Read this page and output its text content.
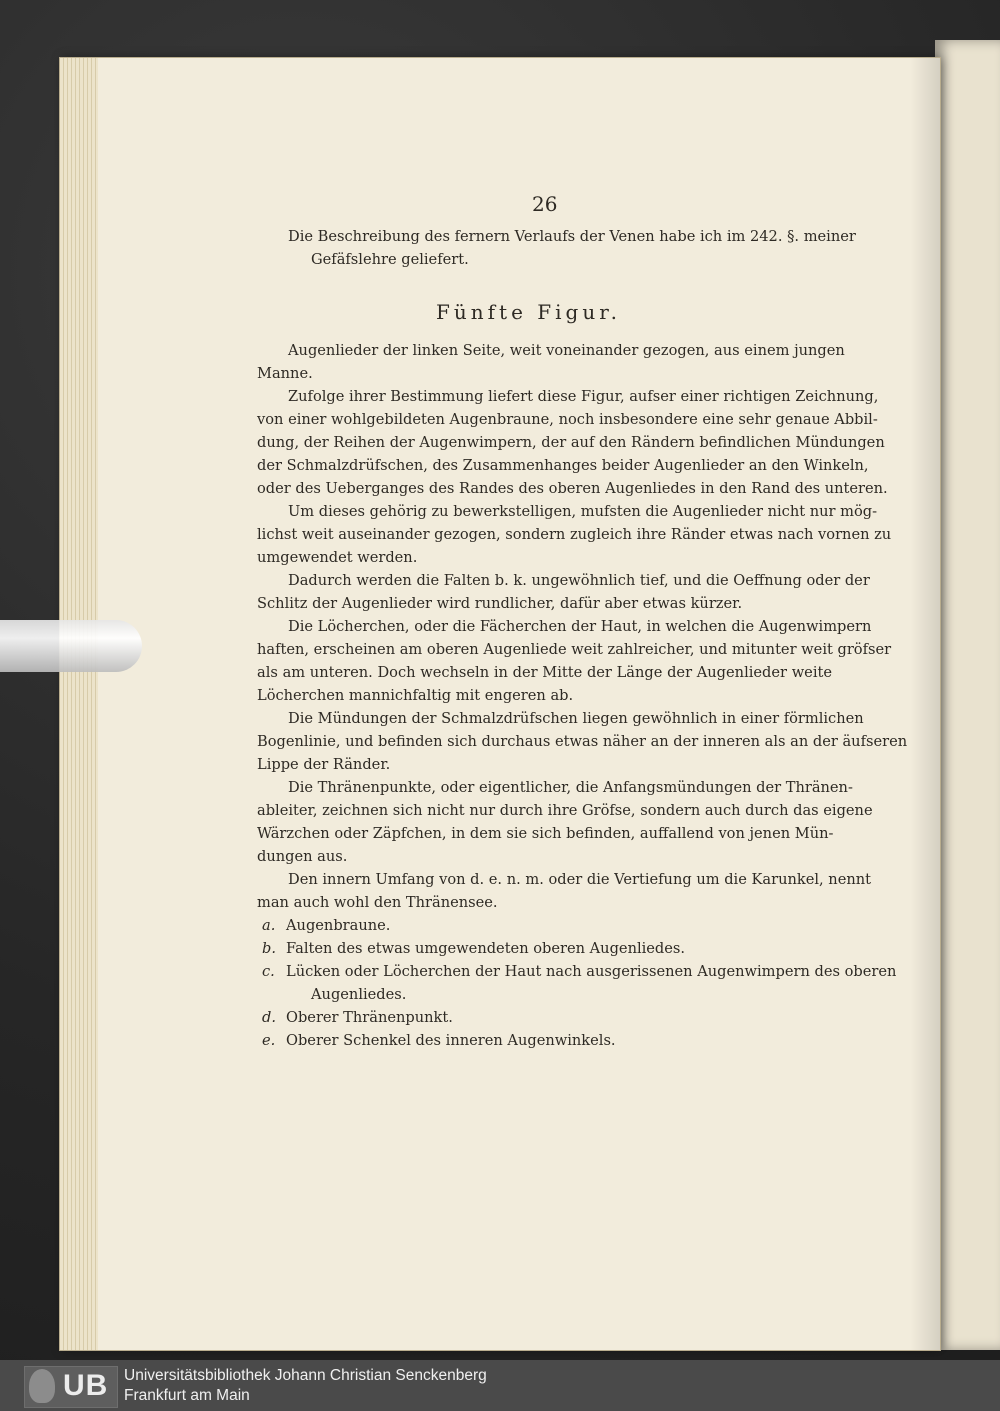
26
Die Beschreibung des fernern Verlaufs der Venen habe ich im 242. §. meiner
Gefäfslehre geliefert.
Fünfte Figur.
Augenlieder der linken Seite, weit voneinander gezogen, aus einem jungen
Manne.
Zufolge ihrer Bestimmung liefert diese Figur, aufser einer richtigen Zeichnung,
von einer wohlgebildeten Augenbraune, noch insbesondere eine sehr genaue Abbil-
dung, der Reihen der Augenwimpern, der auf den Rändern befindlichen Mündungen
der Schmalzdrüfschen, des Zusammenhanges beider Augenlieder an den Winkeln,
oder des Ueberganges des Randes des oberen Augenliedes in den Rand des unteren.
Um dieses gehörig zu bewerkstelligen, mufsten die Augenlieder nicht nur mög-
lichst weit auseinander gezogen, sondern zugleich ihre Ränder etwas nach vornen zu
umgewendet werden.
Dadurch werden die Falten b. k. ungewöhnlich tief, und die Oeffnung oder der
Schlitz der Augenlieder wird rundlicher, dafür aber etwas kürzer.
Die Löcherchen, oder die Fächerchen der Haut, in welchen die Augenwimpern
haften, erscheinen am oberen Augenliede weit zahlreicher, und mitunter weit gröfser
als am unteren. Doch wechseln in der Mitte der Länge der Augenlieder weite
Löcherchen mannichfaltig mit engeren ab.
Die Mündungen der Schmalzdrüfschen liegen gewöhnlich in einer förmlichen
Bogenlinie, und befinden sich durchaus etwas näher an der inneren als an der äufseren
Lippe der Ränder.
Die Thränenpunkte, oder eigentlicher, die Anfangsmündungen der Thränen-
ableiter, zeichnen sich nicht nur durch ihre Gröfse, sondern auch durch das eigene
Wärzchen oder Zäpfchen, in dem sie sich befinden, auffallend von jenen Mün-
dungen aus.
Den innern Umfang von d. e. n. m. oder die Vertiefung um die Karunkel, nennt
man auch wohl den Thränensee.
a. Augenbraune.
b. Falten des etwas umgewendeten oberen Augenliedes.
c. Lücken oder Löcherchen der Haut nach ausgerissenen Augenwimpern des oberen
Augenliedes.
d. Oberer Thränenpunkt.
e. Oberer Schenkel des inneren Augenwinkels.
UB Universitätsbibliothek Johann Christian Senckenberg
Frankfurt am Main
